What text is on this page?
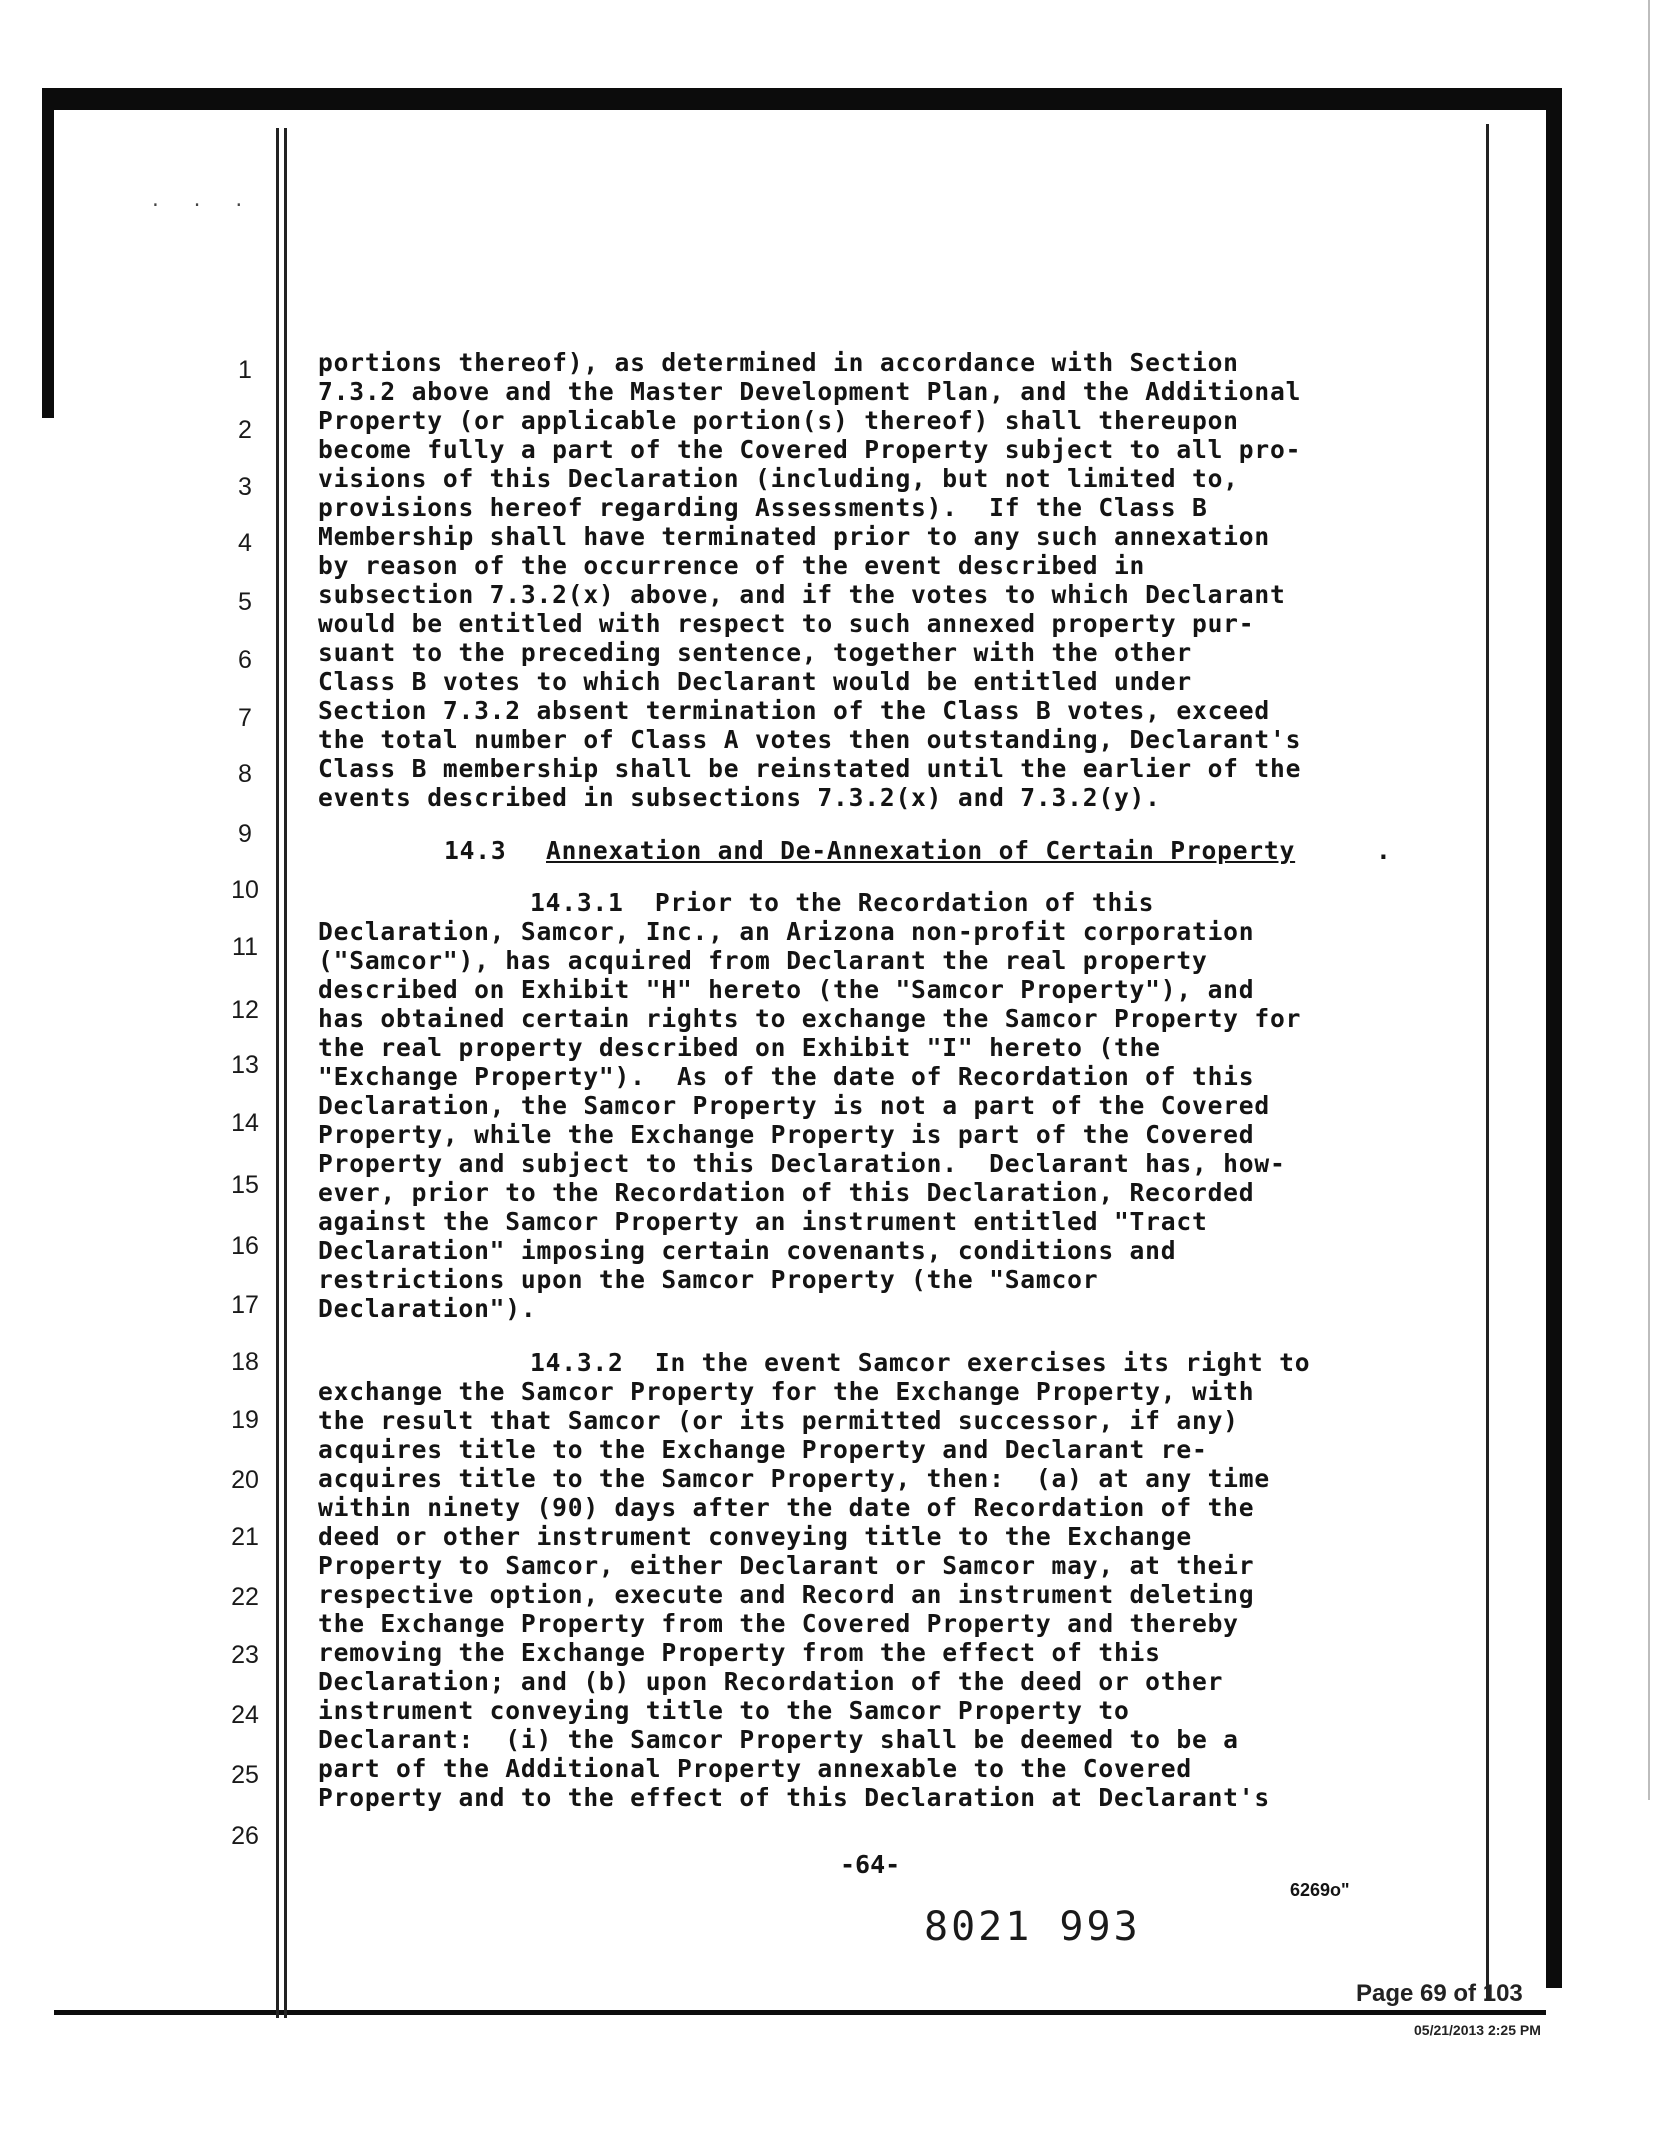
. . .
1
2
3
4
5
6
7
8
9
10
11
12
13
14
15
16
17
18
19
20
21
22
23
24
25
26
portions thereof), as determined in accordance with Section
7.3.2 above and the Master Development Plan, and the Additional
Property (or applicable portion(s) thereof) shall thereupon
become fully a part of the Covered Property subject to all pro-
visions of this Declaration (including, but not limited to,
provisions hereof regarding Assessments).  If the Class B
Membership shall have terminated prior to any such annexation
by reason of the occurrence of the event described in
subsection 7.3.2(x) above, and if the votes to which Declarant
would be entitled with respect to such annexed property pur-
suant to the preceding sentence, together with the other
Class B votes to which Declarant would be entitled under
Section 7.3.2 absent termination of the Class B votes, exceed
the total number of Class A votes then outstanding, Declarant's
Class B membership shall be reinstated until the earlier of the
events described in subsections 7.3.2(x) and 7.3.2(y).
14.3
14.3.1  Prior to the Recordation of this
Declaration, Samcor, Inc., an Arizona non-profit corporation
("Samcor"), has acquired from Declarant the real property
described on Exhibit "H" hereto (the "Samcor Property"), and
has obtained certain rights to exchange the Samcor Property for
the real property described on Exhibit "I" hereto (the
"Exchange Property").  As of the date of Recordation of this
Declaration, the Samcor Property is not a part of the Covered
Property, while the Exchange Property is part of the Covered
Property and subject to this Declaration.  Declarant has, how-
ever, prior to the Recordation of this Declaration, Recorded
against the Samcor Property an instrument entitled "Tract
Declaration" imposing certain covenants, conditions and
restrictions upon the Samcor Property (the "Samcor
Declaration").
14.3.2  In the event Samcor exercises its right to
exchange the Samcor Property for the Exchange Property, with
the result that Samcor (or its permitted successor, if any)
acquires title to the Exchange Property and Declarant re-
acquires title to the Samcor Property, then:  (a) at any time
within ninety (90) days after the date of Recordation of the
deed or other instrument conveying title to the Exchange
Property to Samcor, either Declarant or Samcor may, at their
respective option, execute and Record an instrument deleting
the Exchange Property from the Covered Property and thereby
removing the Exchange Property from the effect of this
Declaration; and (b) upon Recordation of the deed or other
instrument conveying title to the Samcor Property to
Declarant:  (i) the Samcor Property shall be deemed to be a
part of the Additional Property annexable to the Covered
Property and to the effect of this Declaration at Declarant's
Annexation and De-Annexation of Certain Property	.
-64-
6269o"
8021 993
Page 69 of 103
05/21/2013 2:25 PM
